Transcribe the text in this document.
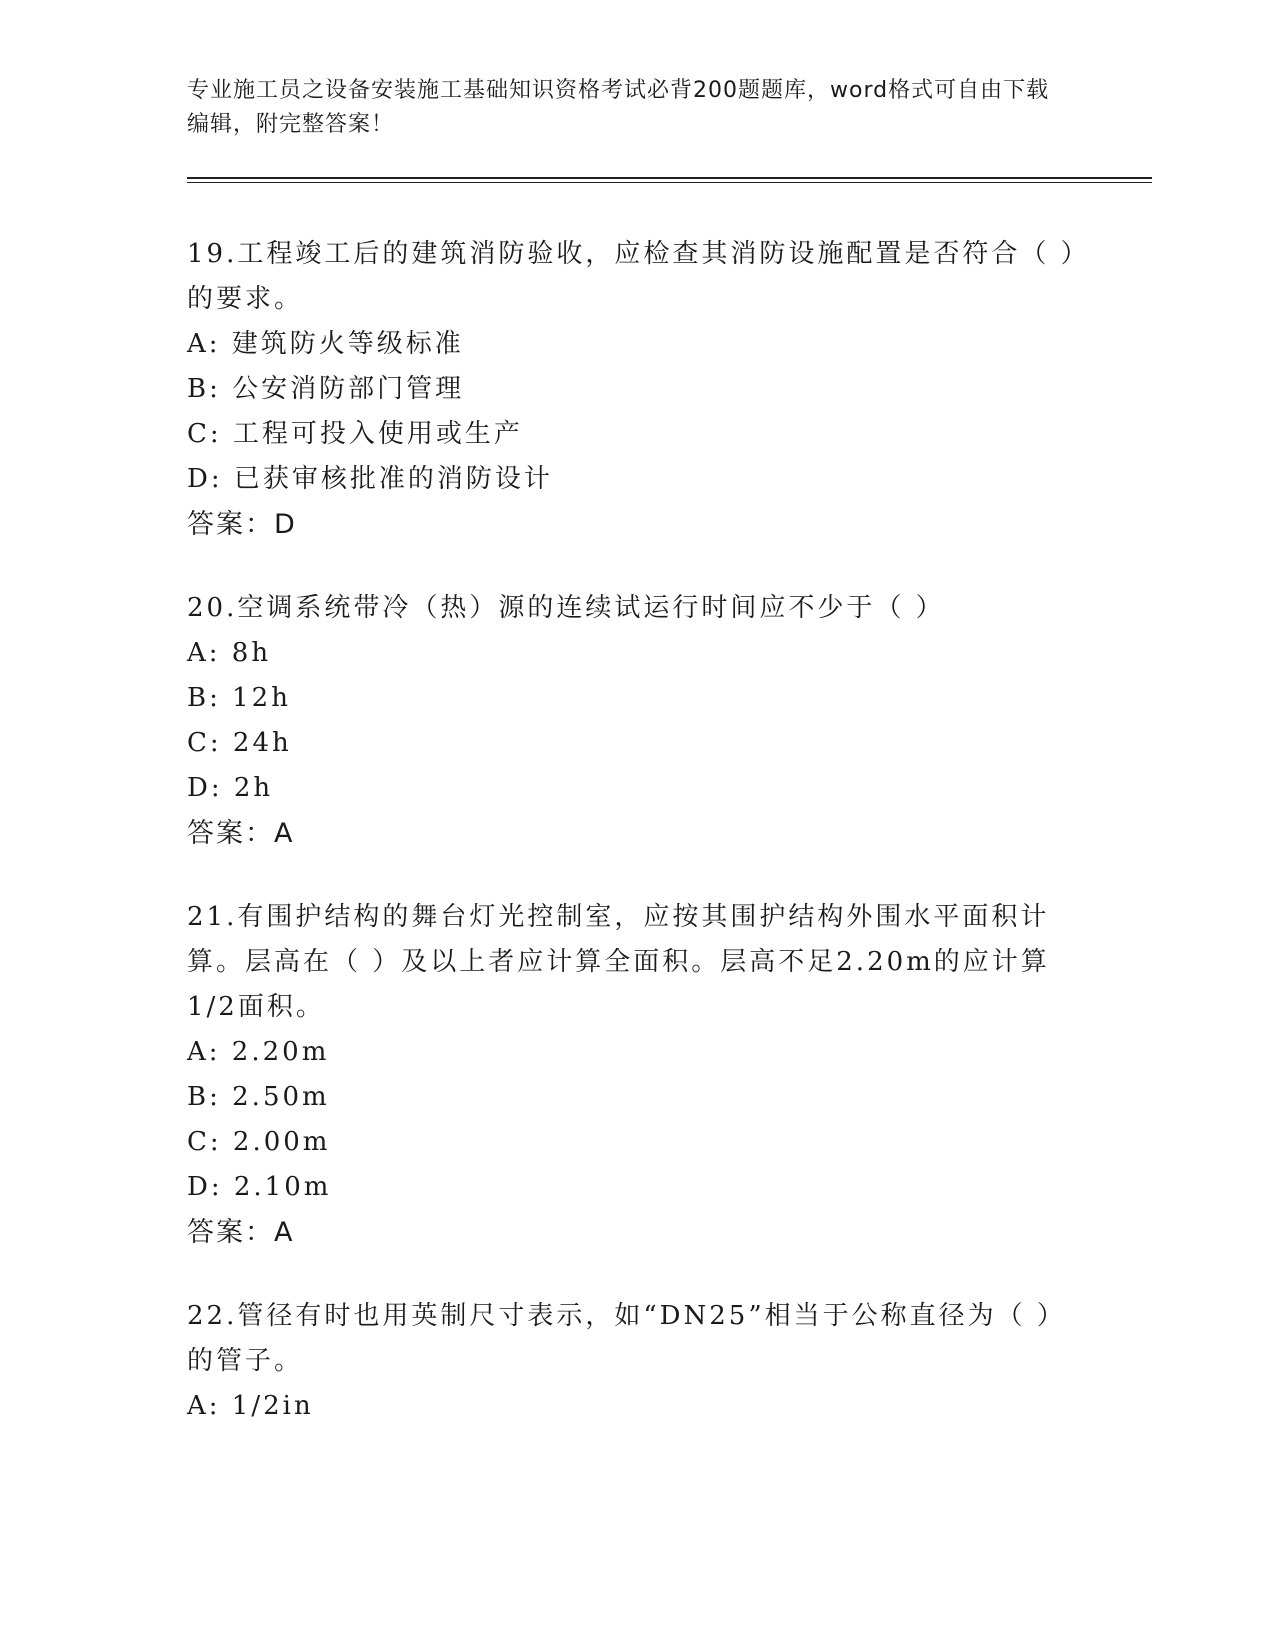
专业施工员之设备安装施工基础知识资格考试必背200题题库，word格式可自由下载编辑，附完整答案！
19.工程竣工后的建筑消防验收，应检查其消防设施配置是否符合（ ）的要求。
A: 建筑防火等级标准
B: 公安消防部门管理
C: 工程可投入使用或生产
D: 已获审核批准的消防设计
答案：D
20.空调系统带冷（热）源的连续试运行时间应不少于（ ）
A: 8h
B: 12h
C: 24h
D: 2h
答案：A
21.有围护结构的舞台灯光控制室，应按其围护结构外围水平面积计算。层高在（ ）及以上者应计算全面积。层高不足2.20m的应计算1/2面积。
A: 2.20m
B: 2.50m
C: 2.00m
D: 2.10m
答案：A
22.管径有时也用英制尺寸表示，如“DN25”相当于公称直径为（ ）的管子。
A: 1/2in
